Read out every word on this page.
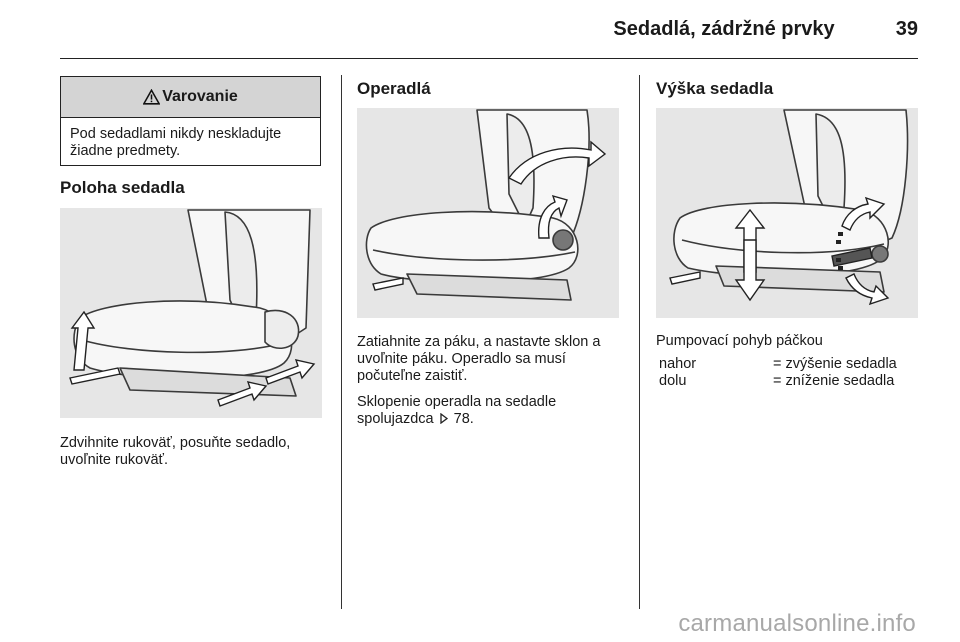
Sedadlá, zádržné prvky	39
Varovanie
Pod sedadlami nikdy neskladujte žiadne predmety.
Poloha sedadla

Zdvihnite rukoväť, posuňte sedadlo, uvoľnite rukoväť.

Operadlá

Zatiahnite za páku, a nastavte sklon a uvoľnite páku. Operadlo sa musí počuteľne zaistiť.

Sklopenie operadla na sedadle spolujazdca 78.

Výška sedadla

Pumpovací pohyb páčkou

nahor	= zvýšenie sedadla
dolu	= zníženie sedadla
carmanualsonline.info
